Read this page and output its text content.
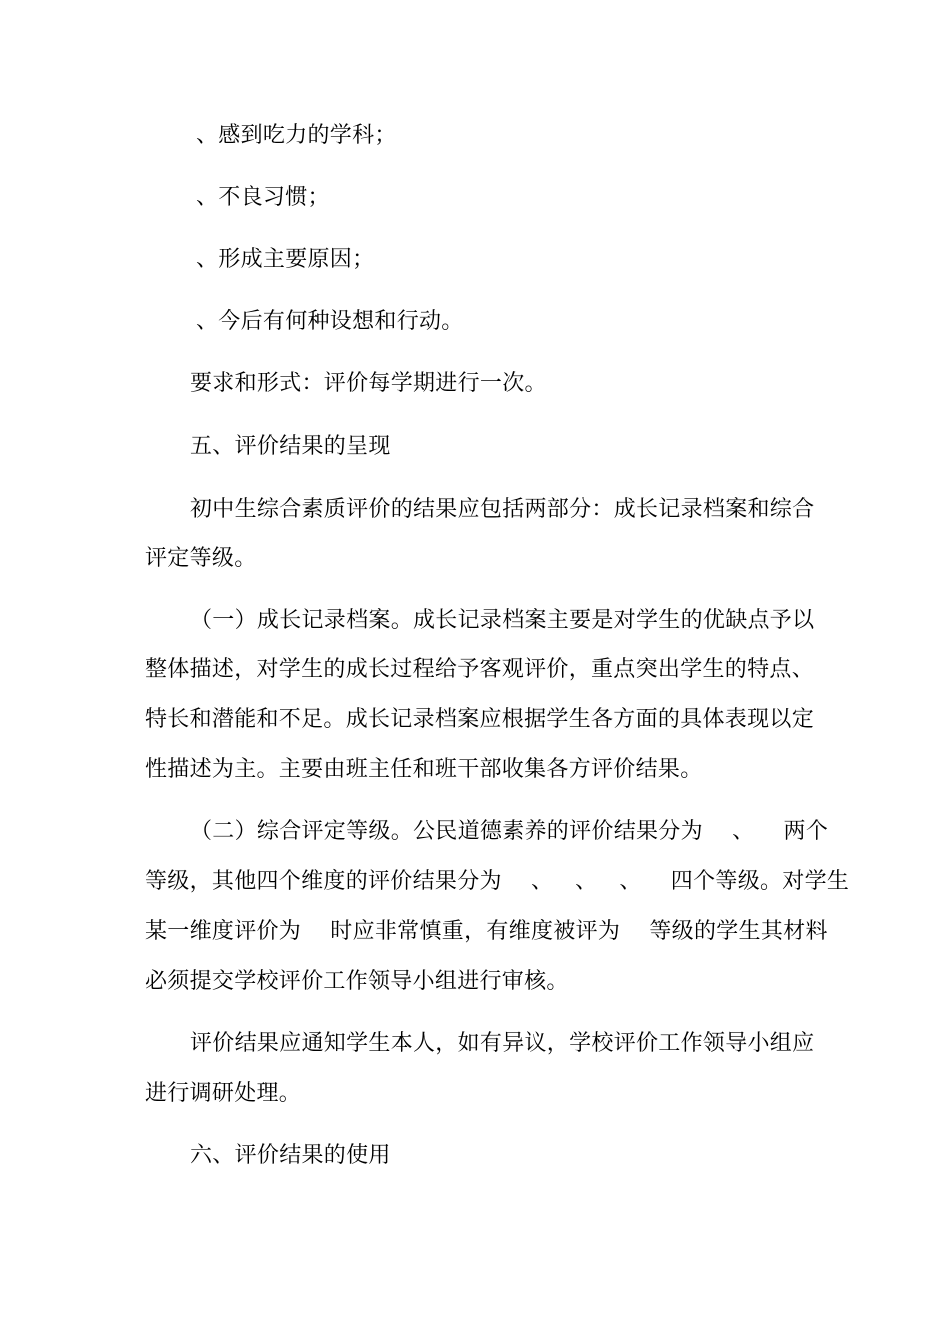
、感到吃力的学科；
、不良习惯；
、形成主要原因；
、今后有何种设想和行动。
要求和形式：评价每学期进行一次。
五、评价结果的呈现
初中生综合素质评价的结果应包括两部分：成长记录档案和综合
评定等级。
（一）成长记录档案。成长记录档案主要是对学生的优缺点予以
整体描述，对学生的成长过程给予客观评价，重点突出学生的特点、
特长和潜能和不足。成长记录档案应根据学生各方面的具体表现以定
性描述为主。主要由班主任和班干部收集各方评价结果。
（二）综合评定等级。公民道德素养的评价结果分为    、    两个
等级，其他四个维度的评价结果分为    、   、   、    四个等级。对学生
某一维度评价为    时应非常慎重，有维度被评为    等级的学生其材料
必须提交学校评价工作领导小组进行审核。
评价结果应通知学生本人，如有异议，学校评价工作领导小组应
进行调研处理。
六、评价结果的使用
